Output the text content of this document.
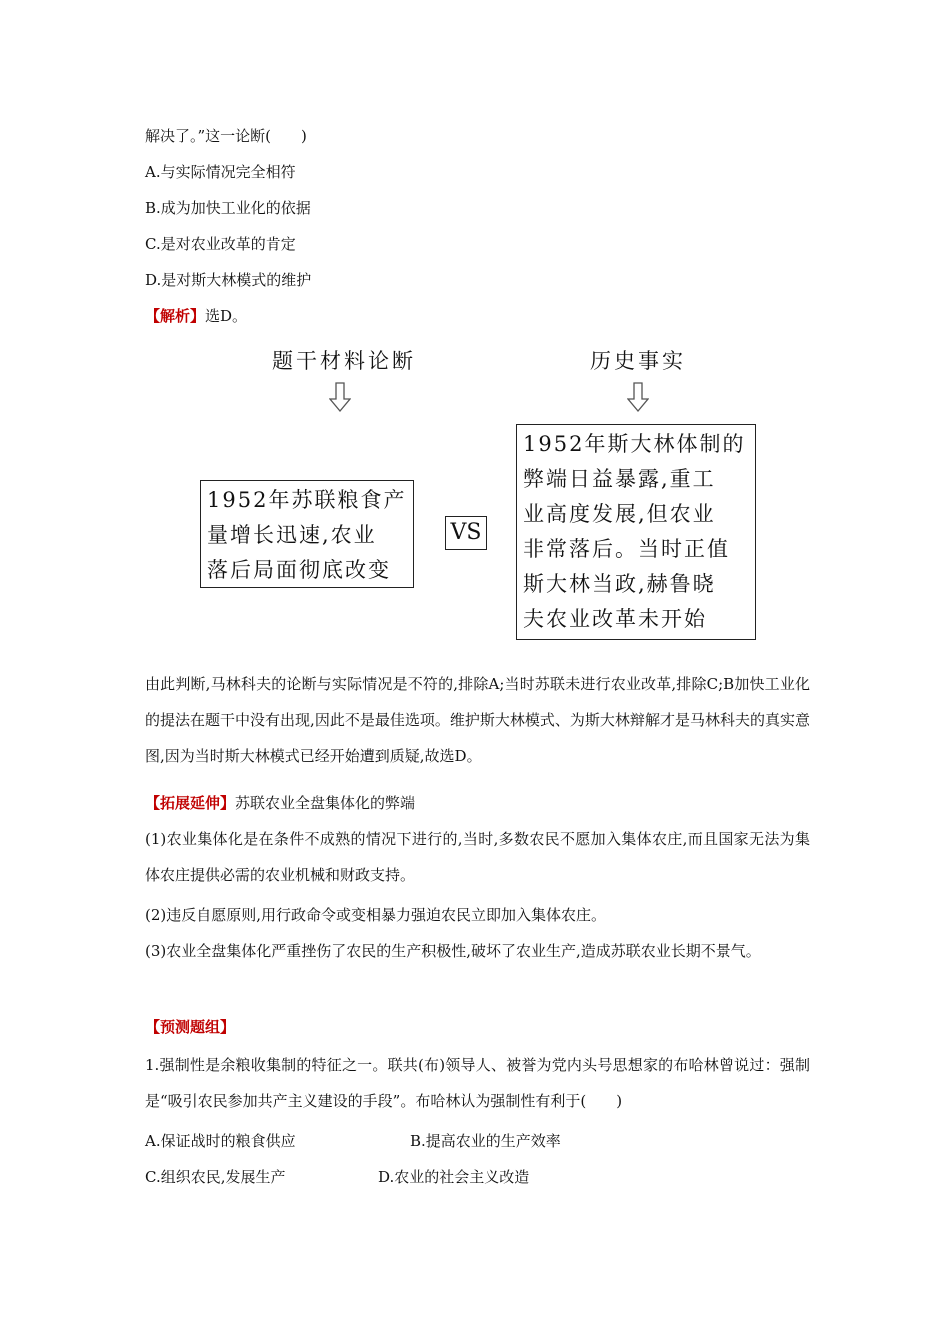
解决了。”这一论断(　　)
A.与实际情况完全相符
B.成为加快工业化的依据
C.是对农业改革的肯定
D.是对斯大林模式的维护
【解析】选D。
题干材料论断	历史事实
1952年苏联粮食产
量增长迅速,农业
落后局面彻底改变
VS
1952年斯大林体制的
弊端日益暴露,重工
业高度发展,但农业
非常落后。当时正值
斯大林当政,赫鲁晓
夫农业改革未开始
由此判断,马林科夫的论断与实际情况是不符的,排除A;当时苏联未进行农业改革,排除C;B加快工业化的提法在题干中没有出现,因此不是最佳选项。维护斯大林模式、为斯大林辩解才是马林科夫的真实意图,因为当时斯大林模式已经开始遭到质疑,故选D。
【拓展延伸】苏联农业全盘集体化的弊端
(1)农业集体化是在条件不成熟的情况下进行的,当时,多数农民不愿加入集体农庄,而且国家无法为集体农庄提供必需的农业机械和财政支持。
(2)违反自愿原则,用行政命令或变相暴力强迫农民立即加入集体农庄。
(3)农业全盘集体化严重挫伤了农民的生产积极性,破坏了农业生产,造成苏联农业长期不景气。
【预测题组】
1.强制性是余粮收集制的特征之一。联共(布)领导人、被誉为党内头号思想家的布哈林曾说过：强制是“吸引农民参加共产主义建设的手段”。布哈林认为强制性有利于(　　)
A.保证战时的粮食供应	B.提高农业的生产效率
C.组织农民,发展生产	D.农业的社会主义改造
